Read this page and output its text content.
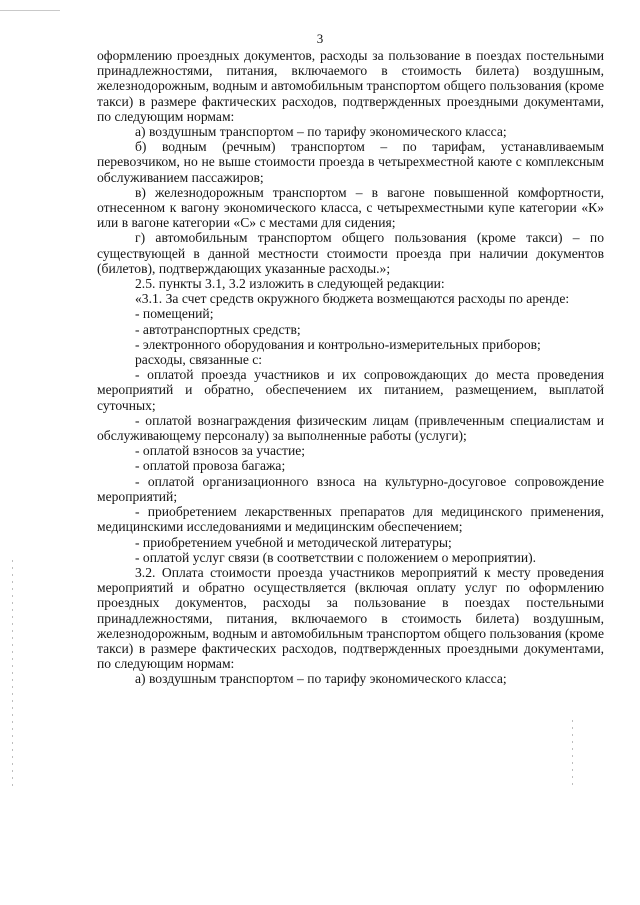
3

оформлению проездных документов, расходы за пользование в поездах постельными принадлежностями, питания, включаемого в стоимость билета) воздушным, железнодорожным, водным и автомобильным транспортом общего пользования (кроме такси) в размере фактических расходов, подтвержденных проездными документами, по следующим нормам:

а) воздушным транспортом – по тарифу экономического класса;

б) водным (речным) транспортом – по тарифам, устанавливаемым перевозчиком, но не выше стоимости проезда в четырехместной каюте с комплексным обслуживанием пассажиров;

в) железнодорожным транспортом – в вагоне повышенной комфортности, отнесенном к вагону экономического класса, с четырехместными купе категории «К» или в вагоне категории «С» с местами для сидения;

г) автомобильным транспортом общего пользования (кроме такси) – по существующей в данной местности стоимости проезда при наличии документов (билетов), подтверждающих указанные расходы.»;

2.5. пункты 3.1, 3.2 изложить в следующей редакции:

«3.1. За счет средств окружного бюджета возмещаются расходы по аренде:

- помещений;

- автотранспортных средств;

- электронного оборудования и контрольно-измерительных приборов;

расходы, связанные с:

- оплатой проезда участников и их сопровождающих до места проведения мероприятий и обратно, обеспечением их питанием, размещением, выплатой суточных;

- оплатой вознаграждения физическим лицам (привлеченным специалистам и обслуживающему персоналу) за выполненные работы (услуги);

- оплатой взносов за участие;

- оплатой провоза багажа;

- оплатой организационного взноса на культурно-досуговое сопровождение мероприятий;

- приобретением лекарственных препаратов для медицинского применения, медицинскими исследованиями и медицинским обеспечением;

- приобретением учебной и методической литературы;

- оплатой услуг связи (в соответствии с положением о мероприятии).

3.2. Оплата стоимости проезда участников мероприятий к месту проведения мероприятий и обратно осуществляется (включая оплату услуг по оформлению проездных документов, расходы за пользование в поездах постельными принадлежностями, питания, включаемого в стоимость билета) воздушным, железнодорожным, водным и автомобильным транспортом общего пользования (кроме такси) в размере фактических расходов, подтвержденных проездными документами, по следующим нормам:

а) воздушным транспортом – по тарифу экономического класса;
